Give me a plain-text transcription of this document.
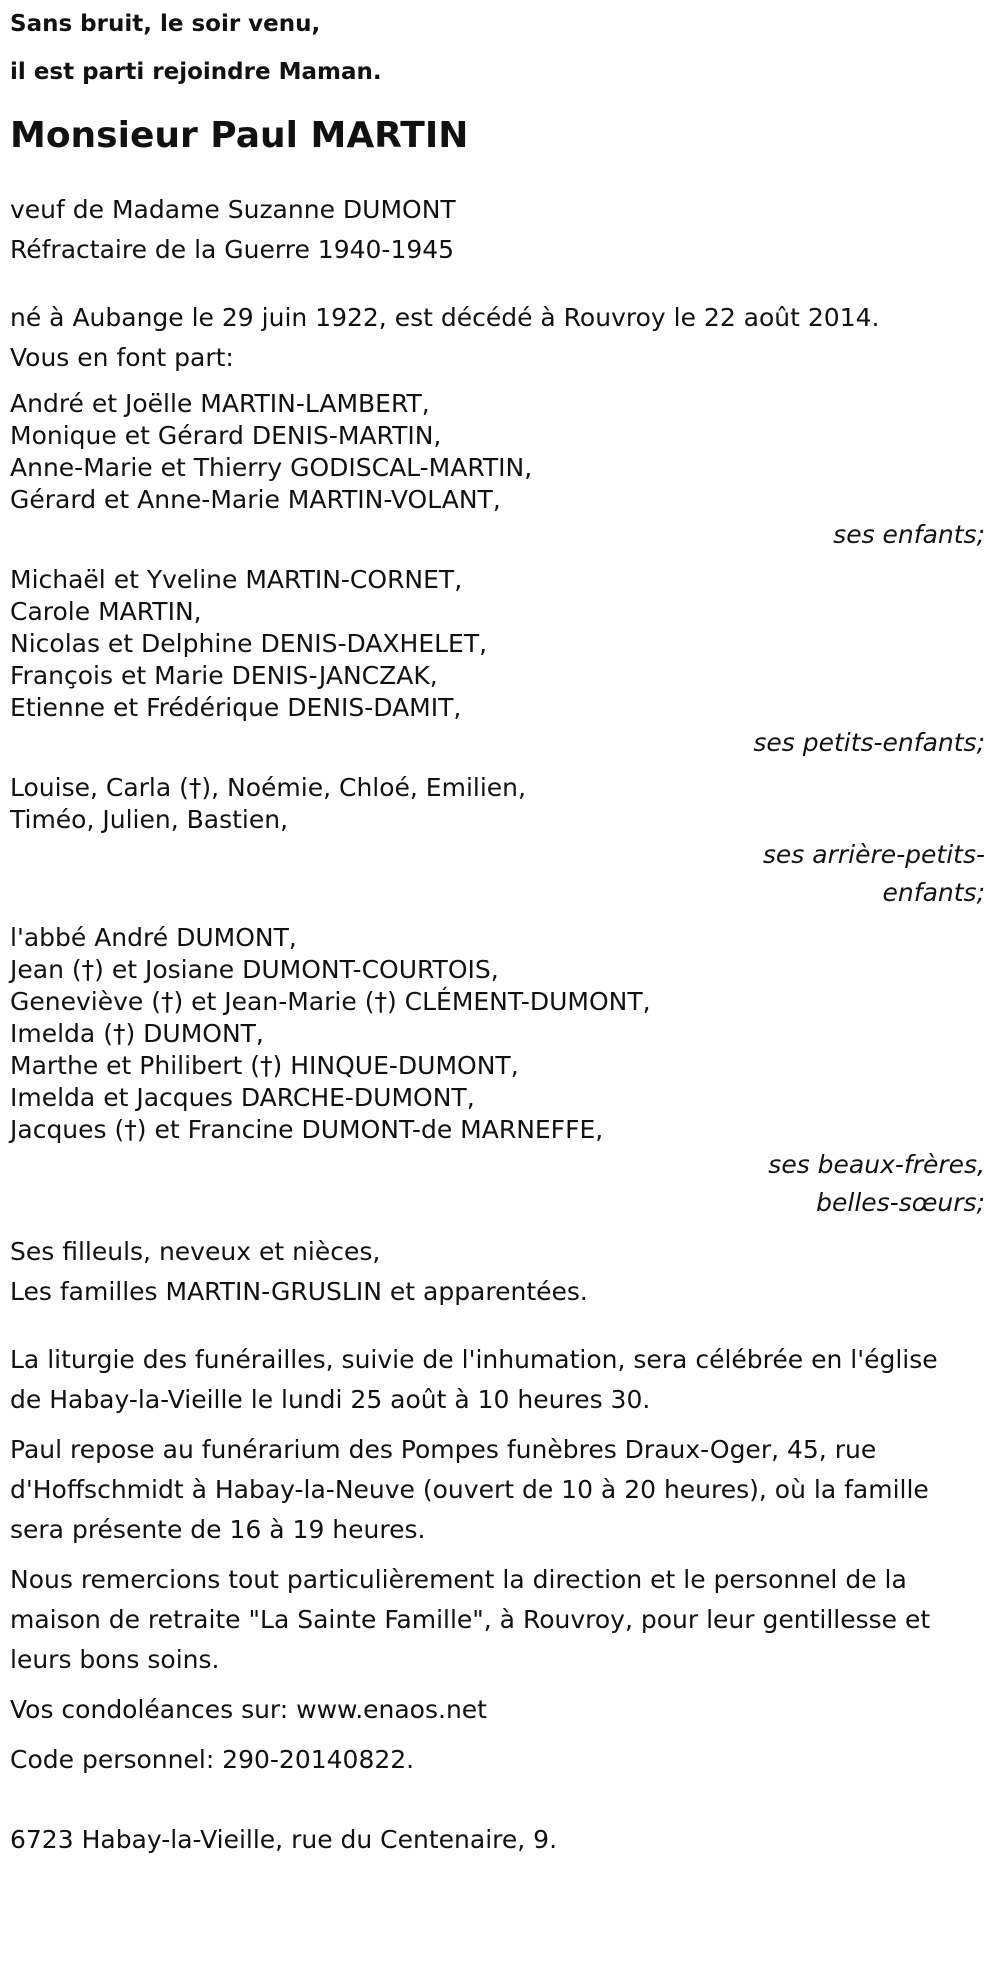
Sans bruit, le soir venu,
il est parti rejoindre Maman.
Monsieur Paul MARTIN
veuf de Madame Suzanne DUMONT
Réfractaire de la Guerre 1940-1945
né à Aubange le 29 juin 1922, est décédé à Rouvroy le 22 août 2014.
Vous en font part:
André et Joëlle MARTIN-LAMBERT,
Monique et Gérard DENIS-MARTIN,
Anne-Marie et Thierry GODISCAL-MARTIN,
Gérard et Anne-Marie MARTIN-VOLANT,
ses enfants;
Michaël et Yveline MARTIN-CORNET,
Carole MARTIN,
Nicolas et Delphine DENIS-DAXHELET,
François et Marie DENIS-JANCZAK,
Etienne et Frédérique DENIS-DAMIT,
ses petits-enfants;
Louise, Carla (†), Noémie, Chloé, Emilien,
Timéo, Julien, Bastien,
ses arrière-petits-
enfants;
l'abbé André DUMONT,
Jean (†) et Josiane DUMONT-COURTOIS,
Geneviève (†) et Jean-Marie (†) CLÉMENT-DUMONT,
Imelda (†) DUMONT,
Marthe et Philibert (†) HINQUE-DUMONT,
Imelda et Jacques DARCHE-DUMONT,
Jacques (†) et Francine DUMONT-de MARNEFFE,
ses beaux-frères,
belles-sœurs;
Ses filleuls, neveux et nièces,
Les familles MARTIN-GRUSLIN et apparentées.
La liturgie des funérailles, suivie de l'inhumation, sera célébrée en l'église
de Habay-la-Vieille le lundi 25 août à 10 heures 30.
Paul repose au funérarium des Pompes funèbres Draux-Oger, 45, rue
d'Hoffschmidt à Habay-la-Neuve (ouvert de 10 à 20 heures), où la famille
sera présente de 16 à 19 heures.
Nous remercions tout particulièrement la direction et le personnel de la
maison de retraite "La Sainte Famille", à Rouvroy, pour leur gentillesse et
leurs bons soins.
Vos condoléances sur: www.enaos.net
Code personnel: 290-20140822.
6723 Habay-la-Vieille, rue du Centenaire, 9.
